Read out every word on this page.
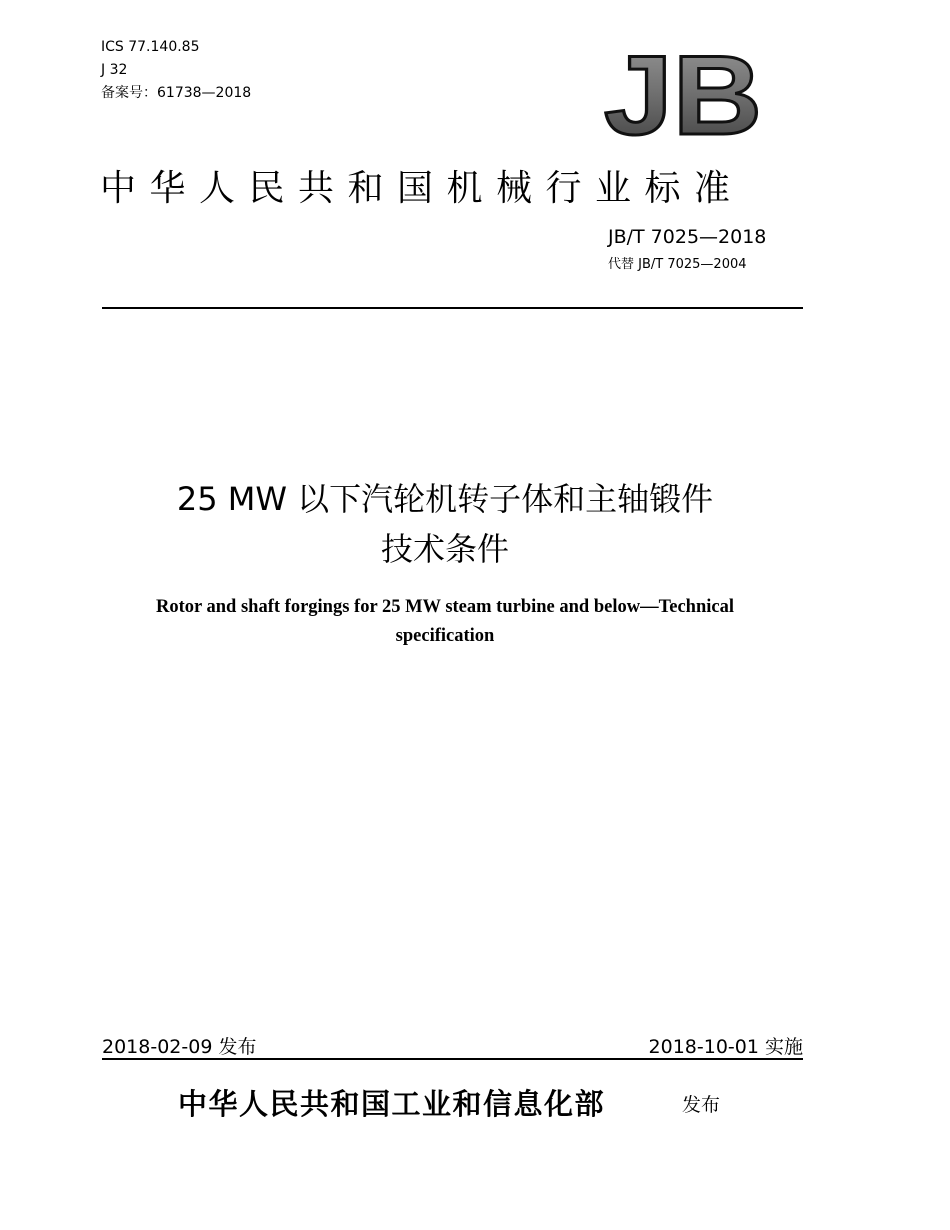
ICS 77.140.85
J 32
备案号：61738—2018	JB
中华人民共和国机械行业标准
JB/T 7025—2018
代替 JB/T 7025—2004
25 MW 以下汽轮机转子体和主轴锻件
技术条件
Rotor and shaft forgings for 25 MW steam turbine and below—Technical
specification
2018-02-09 发布	2018-10-01 实施
中华人民共和国工业和信息化部	发布
